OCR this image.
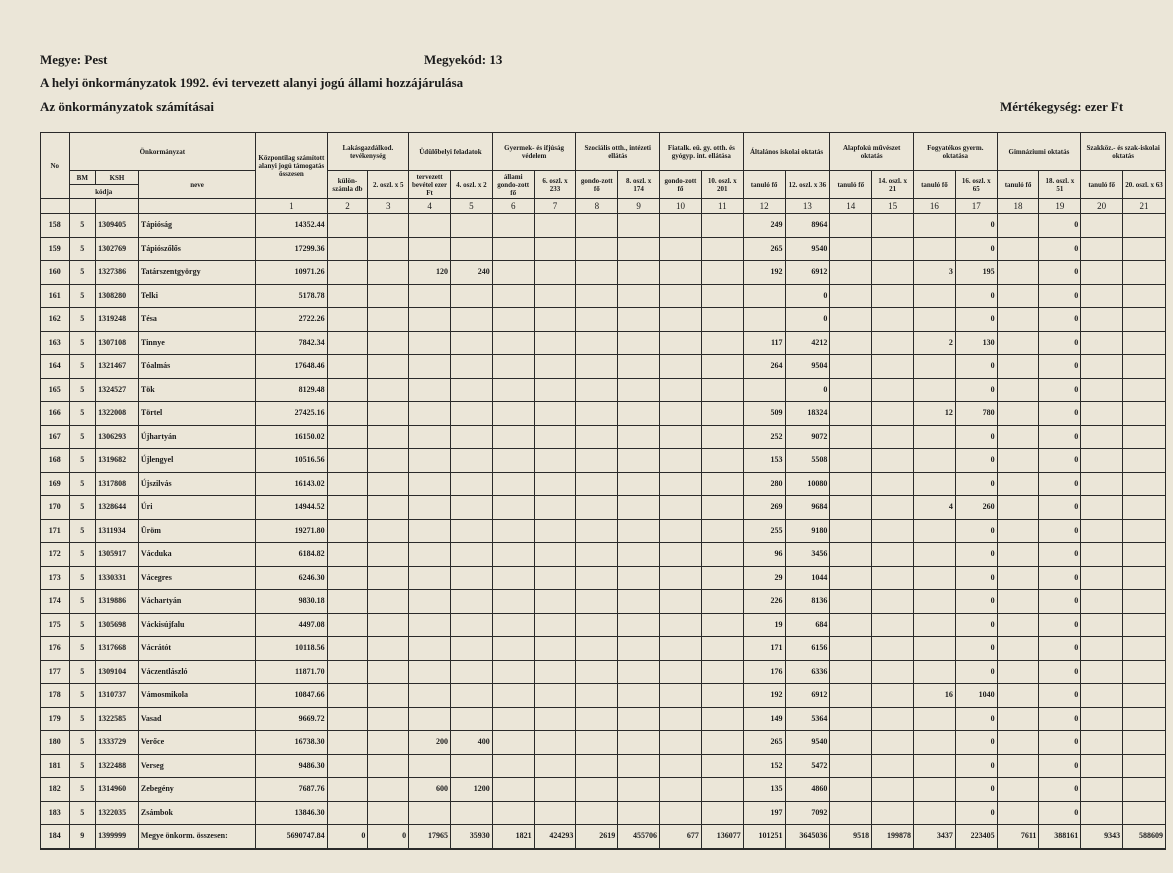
Megye: Pest	Megyekód: 13
A helyi önkormányzatok 1992. évi tervezett alanyi jogú állami hozzájárulása
Az önkormányzatok számításai	Mértékegység: ezer Ft
No	Önkormányzat			Központilag számított alanyi jogú támogatás összesen	Lakásgazdálkod. tevékenység		Üdülőbelyi feladatok		Gyermek- és ifjúság védelem		Szociális otth., intézeti ellátás		Fiatalk. eü. gy. otth. és gyógyp. int. ellátása		Általános iskolai oktatás		Alapfokú művészet oktatás		Fogyatékos gyerm. oktatása		Gimnáziumi oktatás		Szakköz.- és szak-iskolai oktatás	
	BM	KSH	neve		külön-számla db	2. oszl. x 5	tervezett bevétel ezer Ft	4. oszl. x 2	állami gondo-zott fő	6. oszl. x 233	gondo-zott fő	8. oszl. x 174	gondo-zott fő	10. oszl. x 201	tanuló fő	12. oszl. x 36	tanuló fő	14. oszl. x 21	tanuló fő	16. oszl. x 65	tanuló fő	18. oszl. x 51	tanuló fő	20. oszl. x 63
	kódja																							
				1	2	3	4	5	6	7	8	9	10	11	12	13	14	15	16	17	18	19	20	21
158	5	1309405	Tápióság	14352.44											249	8964				0		0		
159	5	1302769	Tápiószőlős	17299.36											265	9540				0		0		
160	5	1327386	Tatárszentgyörgy	10971.26			120	240							192	6912			3	195		0		
161	5	1308280	Telki	5178.78												0				0		0		
162	5	1319248	Tésa	2722.26												0				0		0		
163	5	1307108	Tinnye	7842.34											117	4212			2	130		0		
164	5	1321467	Tóalmás	17648.46											264	9504				0		0		
165	5	1324527	Tök	8129.48												0				0		0		
166	5	1322008	Törtel	27425.16											509	18324			12	780		0		
167	5	1306293	Újhartyán	16150.02											252	9072				0		0		
168	5	1319682	Újlengyel	10516.56											153	5508				0		0		
169	5	1317808	Újszilvás	16143.02											280	10080				0		0		
170	5	1328644	Úri	14944.52											269	9684			4	260		0		
171	5	1311934	Üröm	19271.80											255	9180				0		0		
172	5	1305917	Vácduka	6184.82											96	3456				0		0		
173	5	1330331	Vácegres	6246.30											29	1044				0		0		
174	5	1319886	Váchartyán	9830.18											226	8136				0		0		
175	5	1305698	Váckisújfalu	4497.08											19	684				0		0		
176	5	1317668	Vácrátót	10118.56											171	6156				0		0		
177	5	1309104	Váczentlászló	11871.70											176	6336				0		0		
178	5	1310737	Vámosmikola	10847.66											192	6912			16	1040		0		
179	5	1322585	Vasad	9669.72											149	5364				0		0		
180	5	1333729	Verőce	16738.30			200	400							265	9540				0		0		
181	5	1322488	Verseg	9486.30											152	5472				0		0		
182	5	1314960	Zebegény	7687.76			600	1200							135	4860				0		0		
183	5	1322035	Zsámbok	13846.30											197	7092				0		0		
184	9	1399999	Megye önkorm. összesen:	5690747.84	0	0	17965	35930	1821	424293	2619	455706	677	136077	101251	3645036	9518	199878	3437	223405	7611	388161	9343	588609
